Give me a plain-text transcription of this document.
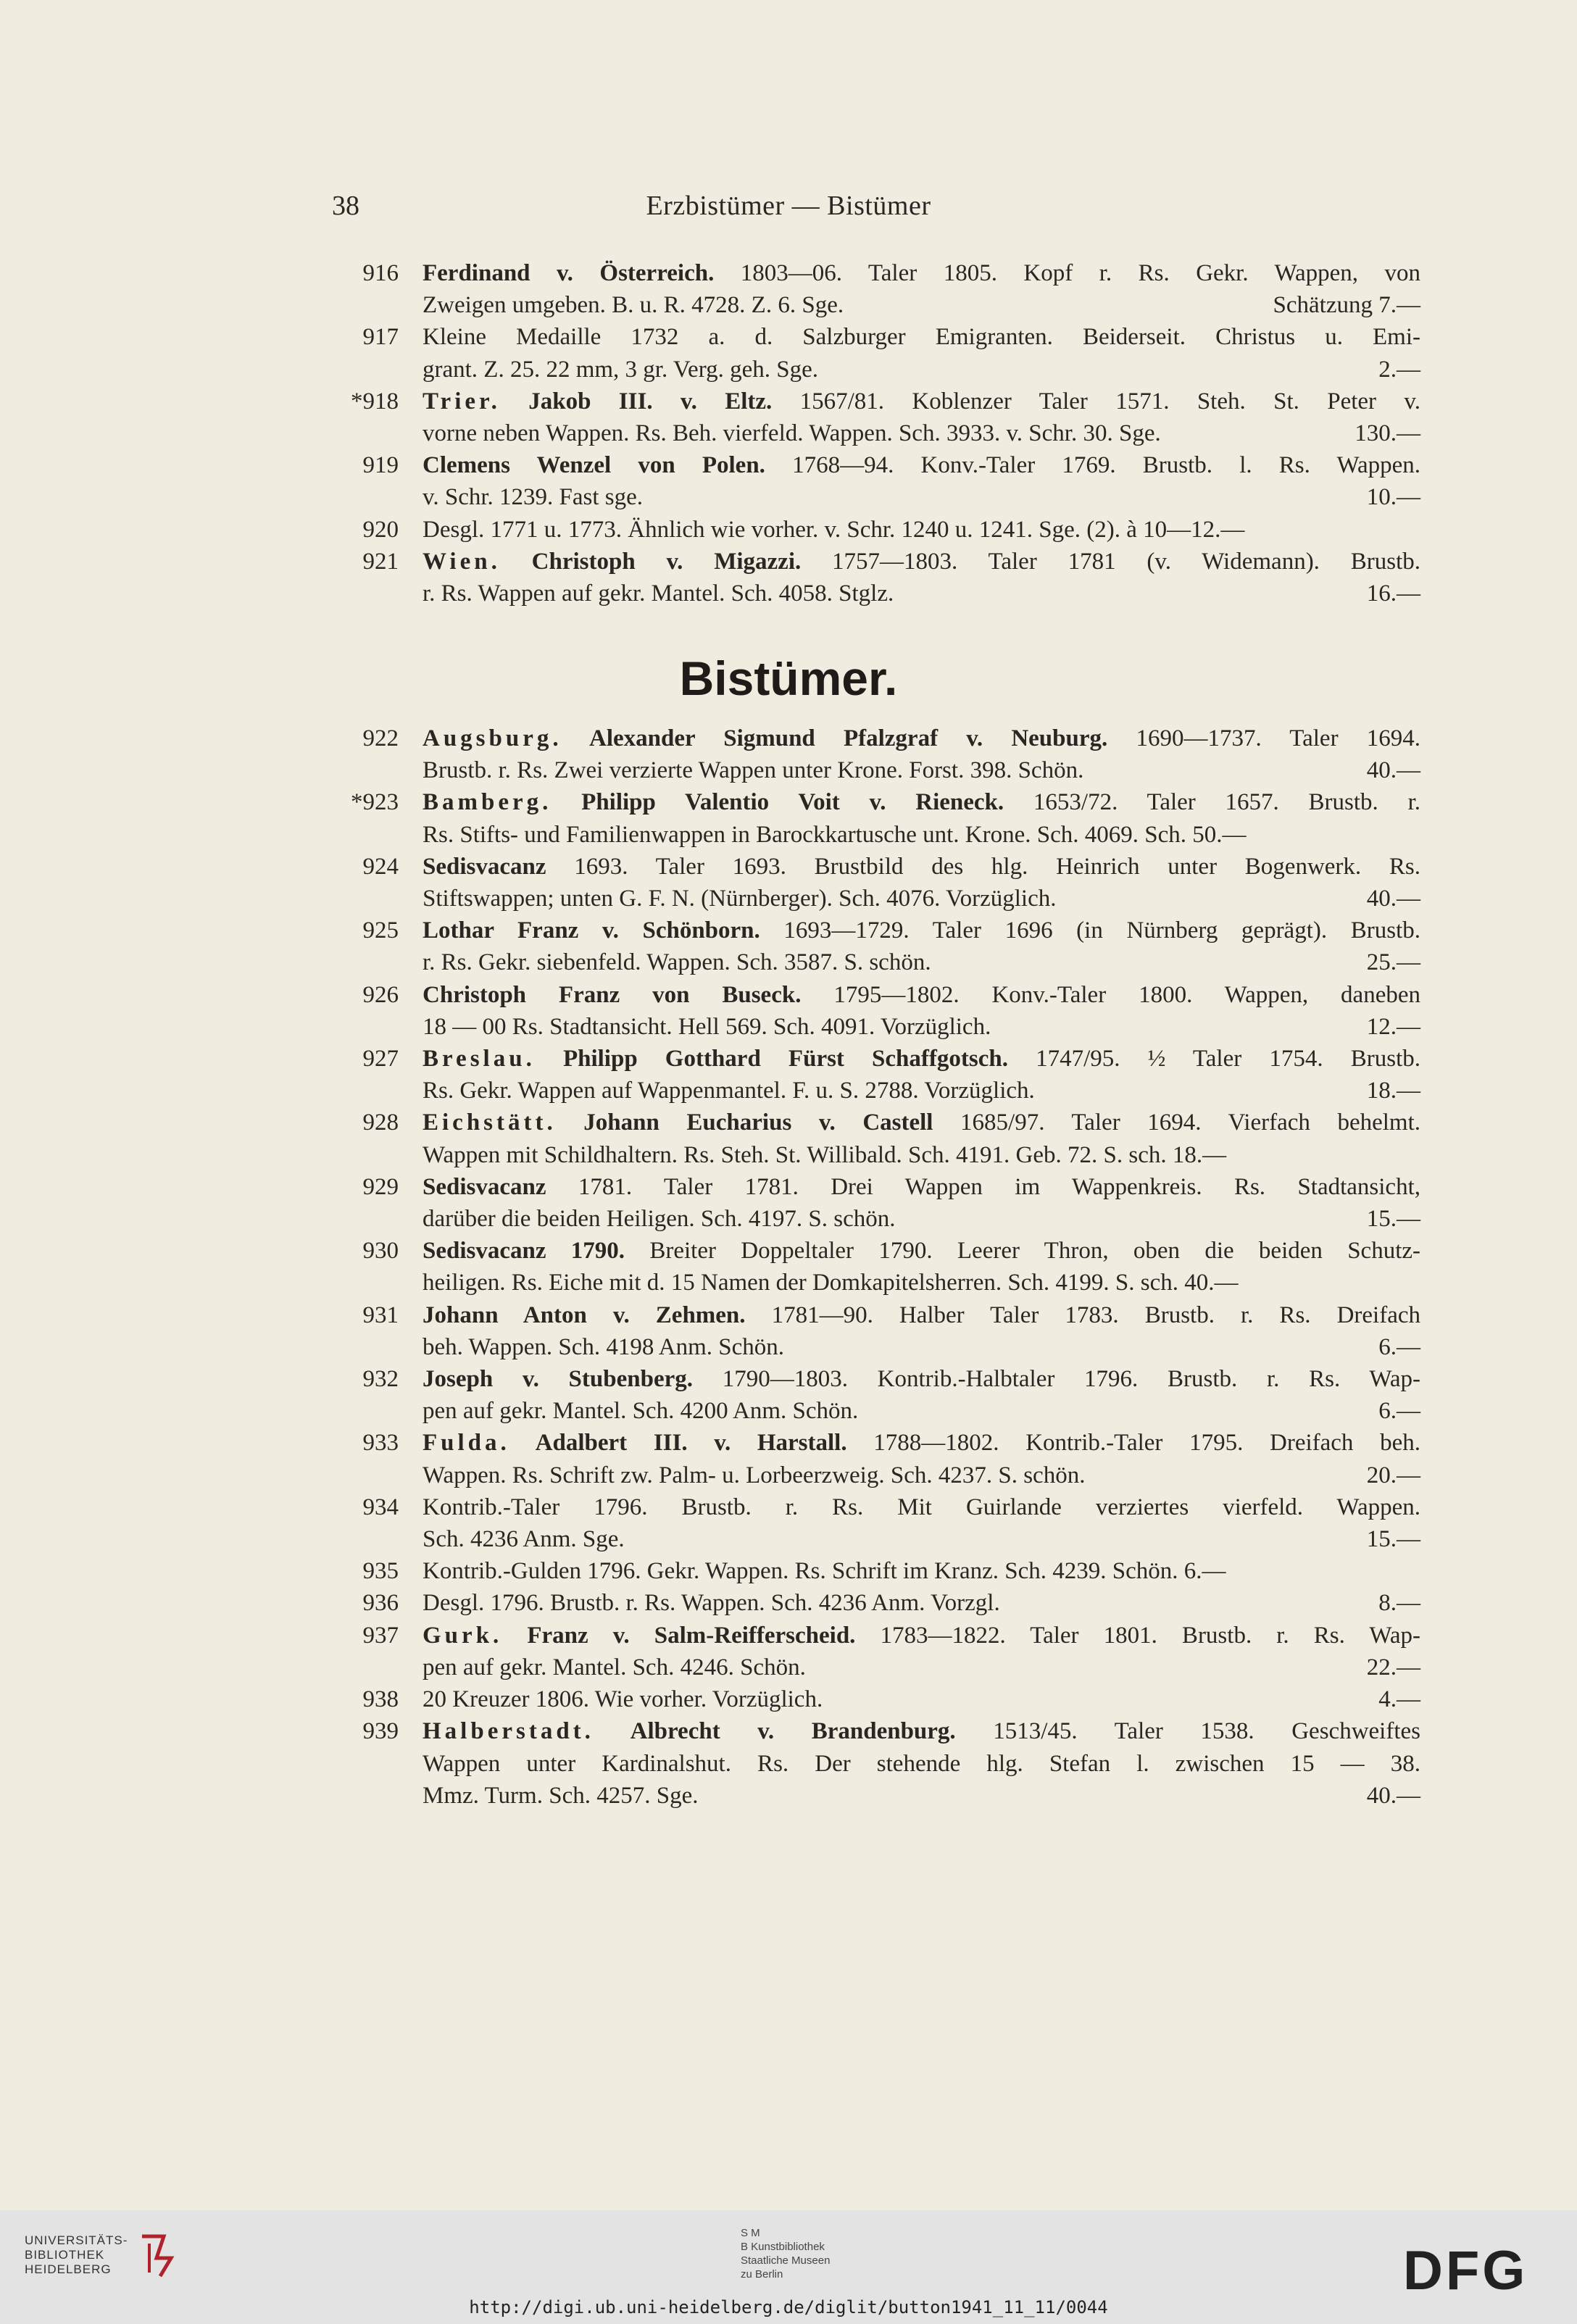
38	Erzbistümer — Bistümer
916 Ferdinand v. Österreich. 1803—06. Taler 1805. Kopf r. Rs. Gekr. Wappen, von
Zweigen umgeben. B. u. R. 4728. Z. 6. Sge.	Schätzung 7.—
917 Kleine Medaille 1732 a. d. Salzburger Emigranten. Beiderseit. Christus u. Emi-
grant. Z. 25. 22 mm, 3 gr. Verg. geh. Sge.	2.—
*918 Trier. Jakob III. v. Eltz. 1567/81. Koblenzer Taler 1571. Steh. St. Peter v.
vorne neben Wappen. Rs. Beh. vierfeld. Wappen. Sch. 3933. v. Schr. 30. Sge.	130.—
919 Clemens Wenzel von Polen. 1768—94. Konv.-Taler 1769. Brustb. l. Rs. Wappen.
v. Schr. 1239. Fast sge.	10.—
920 Desgl. 1771 u. 1773. Ähnlich wie vorher. v. Schr. 1240 u. 1241. Sge. (2). à 10—12.—
921 Wien. Christoph v. Migazzi. 1757—1803. Taler 1781 (v. Widemann). Brustb.
r. Rs. Wappen auf gekr. Mantel. Sch. 4058. Stglz.	16.—
Bistümer.
922 Augsburg. Alexander Sigmund Pfalzgraf v. Neuburg. 1690—1737. Taler 1694.
Brustb. r. Rs. Zwei verzierte Wappen unter Krone. Forst. 398. Schön.	40.—
*923 Bamberg. Philipp Valentio Voit v. Rieneck. 1653/72. Taler 1657. Brustb. r.
Rs. Stifts- und Familienwappen in Barockkartusche unt. Krone. Sch. 4069. Sch. 50.—
924 Sedisvacanz 1693. Taler 1693. Brustbild des hlg. Heinrich unter Bogenwerk. Rs.
Stiftswappen; unten G. F. N. (Nürnberger). Sch. 4076. Vorzüglich.	40.—
925 Lothar Franz v. Schönborn. 1693—1729. Taler 1696 (in Nürnberg geprägt). Brustb.
r. Rs. Gekr. siebenfeld. Wappen. Sch. 3587. S. schön.	25.—
926 Christoph Franz von Buseck. 1795—1802. Konv.-Taler 1800. Wappen, daneben
18 — 00 Rs. Stadtansicht. Hell 569. Sch. 4091. Vorzüglich.	12.—
927 Breslau. Philipp Gotthard Fürst Schaffgotsch. 1747/95. ½ Taler 1754. Brustb.
Rs. Gekr. Wappen auf Wappenmantel. F. u. S. 2788. Vorzüglich.	18.—
928 Eichstätt. Johann Eucharius v. Castell 1685/97. Taler 1694. Vierfach behelmt.
Wappen mit Schildhaltern. Rs. Steh. St. Willibald. Sch. 4191. Geb. 72. S. sch. 18.—
929 Sedisvacanz 1781. Taler 1781. Drei Wappen im Wappenkreis. Rs. Stadtansicht,
darüber die beiden Heiligen. Sch. 4197. S. schön.	15.—
930 Sedisvacanz 1790. Breiter Doppeltaler 1790. Leerer Thron, oben die beiden Schutz-
heiligen. Rs. Eiche mit d. 15 Namen der Domkapitelsherren. Sch. 4199. S. sch. 40.—
931 Johann Anton v. Zehmen. 1781—90. Halber Taler 1783. Brustb. r. Rs. Dreifach
beh. Wappen. Sch. 4198 Anm. Schön.	6.—
932 Joseph v. Stubenberg. 1790—1803. Kontrib.-Halbtaler 1796. Brustb. r. Rs. Wap-
pen auf gekr. Mantel. Sch. 4200 Anm. Schön.	6.—
933 Fulda. Adalbert III. v. Harstall. 1788—1802. Kontrib.-Taler 1795. Dreifach beh.
Wappen. Rs. Schrift zw. Palm- u. Lorbeerzweig. Sch. 4237. S. schön.	20.—
934 Kontrib.-Taler 1796. Brustb. r. Rs. Mit Guirlande verziertes vierfeld. Wappen.
Sch. 4236 Anm. Sge.	15.—
935 Kontrib.-Gulden 1796. Gekr. Wappen. Rs. Schrift im Kranz. Sch. 4239. Schön. 6.—
936 Desgl. 1796. Brustb. r. Rs. Wappen. Sch. 4236 Anm. Vorzgl.	8.—
937 Gurk. Franz v. Salm-Reifferscheid. 1783—1822. Taler 1801. Brustb. r. Rs. Wap-
pen auf gekr. Mantel. Sch. 4246. Schön.	22.—
938 20 Kreuzer 1806. Wie vorher. Vorzüglich.	4.—
939 Halberstadt. Albrecht v. Brandenburg. 1513/45. Taler 1538. Geschweiftes
Wappen unter Kardinalshut. Rs. Der stehende hlg. Stefan l. zwischen 15 — 38.
Mmz. Turm. Sch. 4257. Sge.	40.—
UNIVERSITÄTS-
BIBLIOTHEK
HEIDELBERG
S M
B Kunstbibliothek
Staatliche Museen
zu Berlin	DFG
http://digi.ub.uni-heidelberg.de/diglit/button1941_11_11/0044
